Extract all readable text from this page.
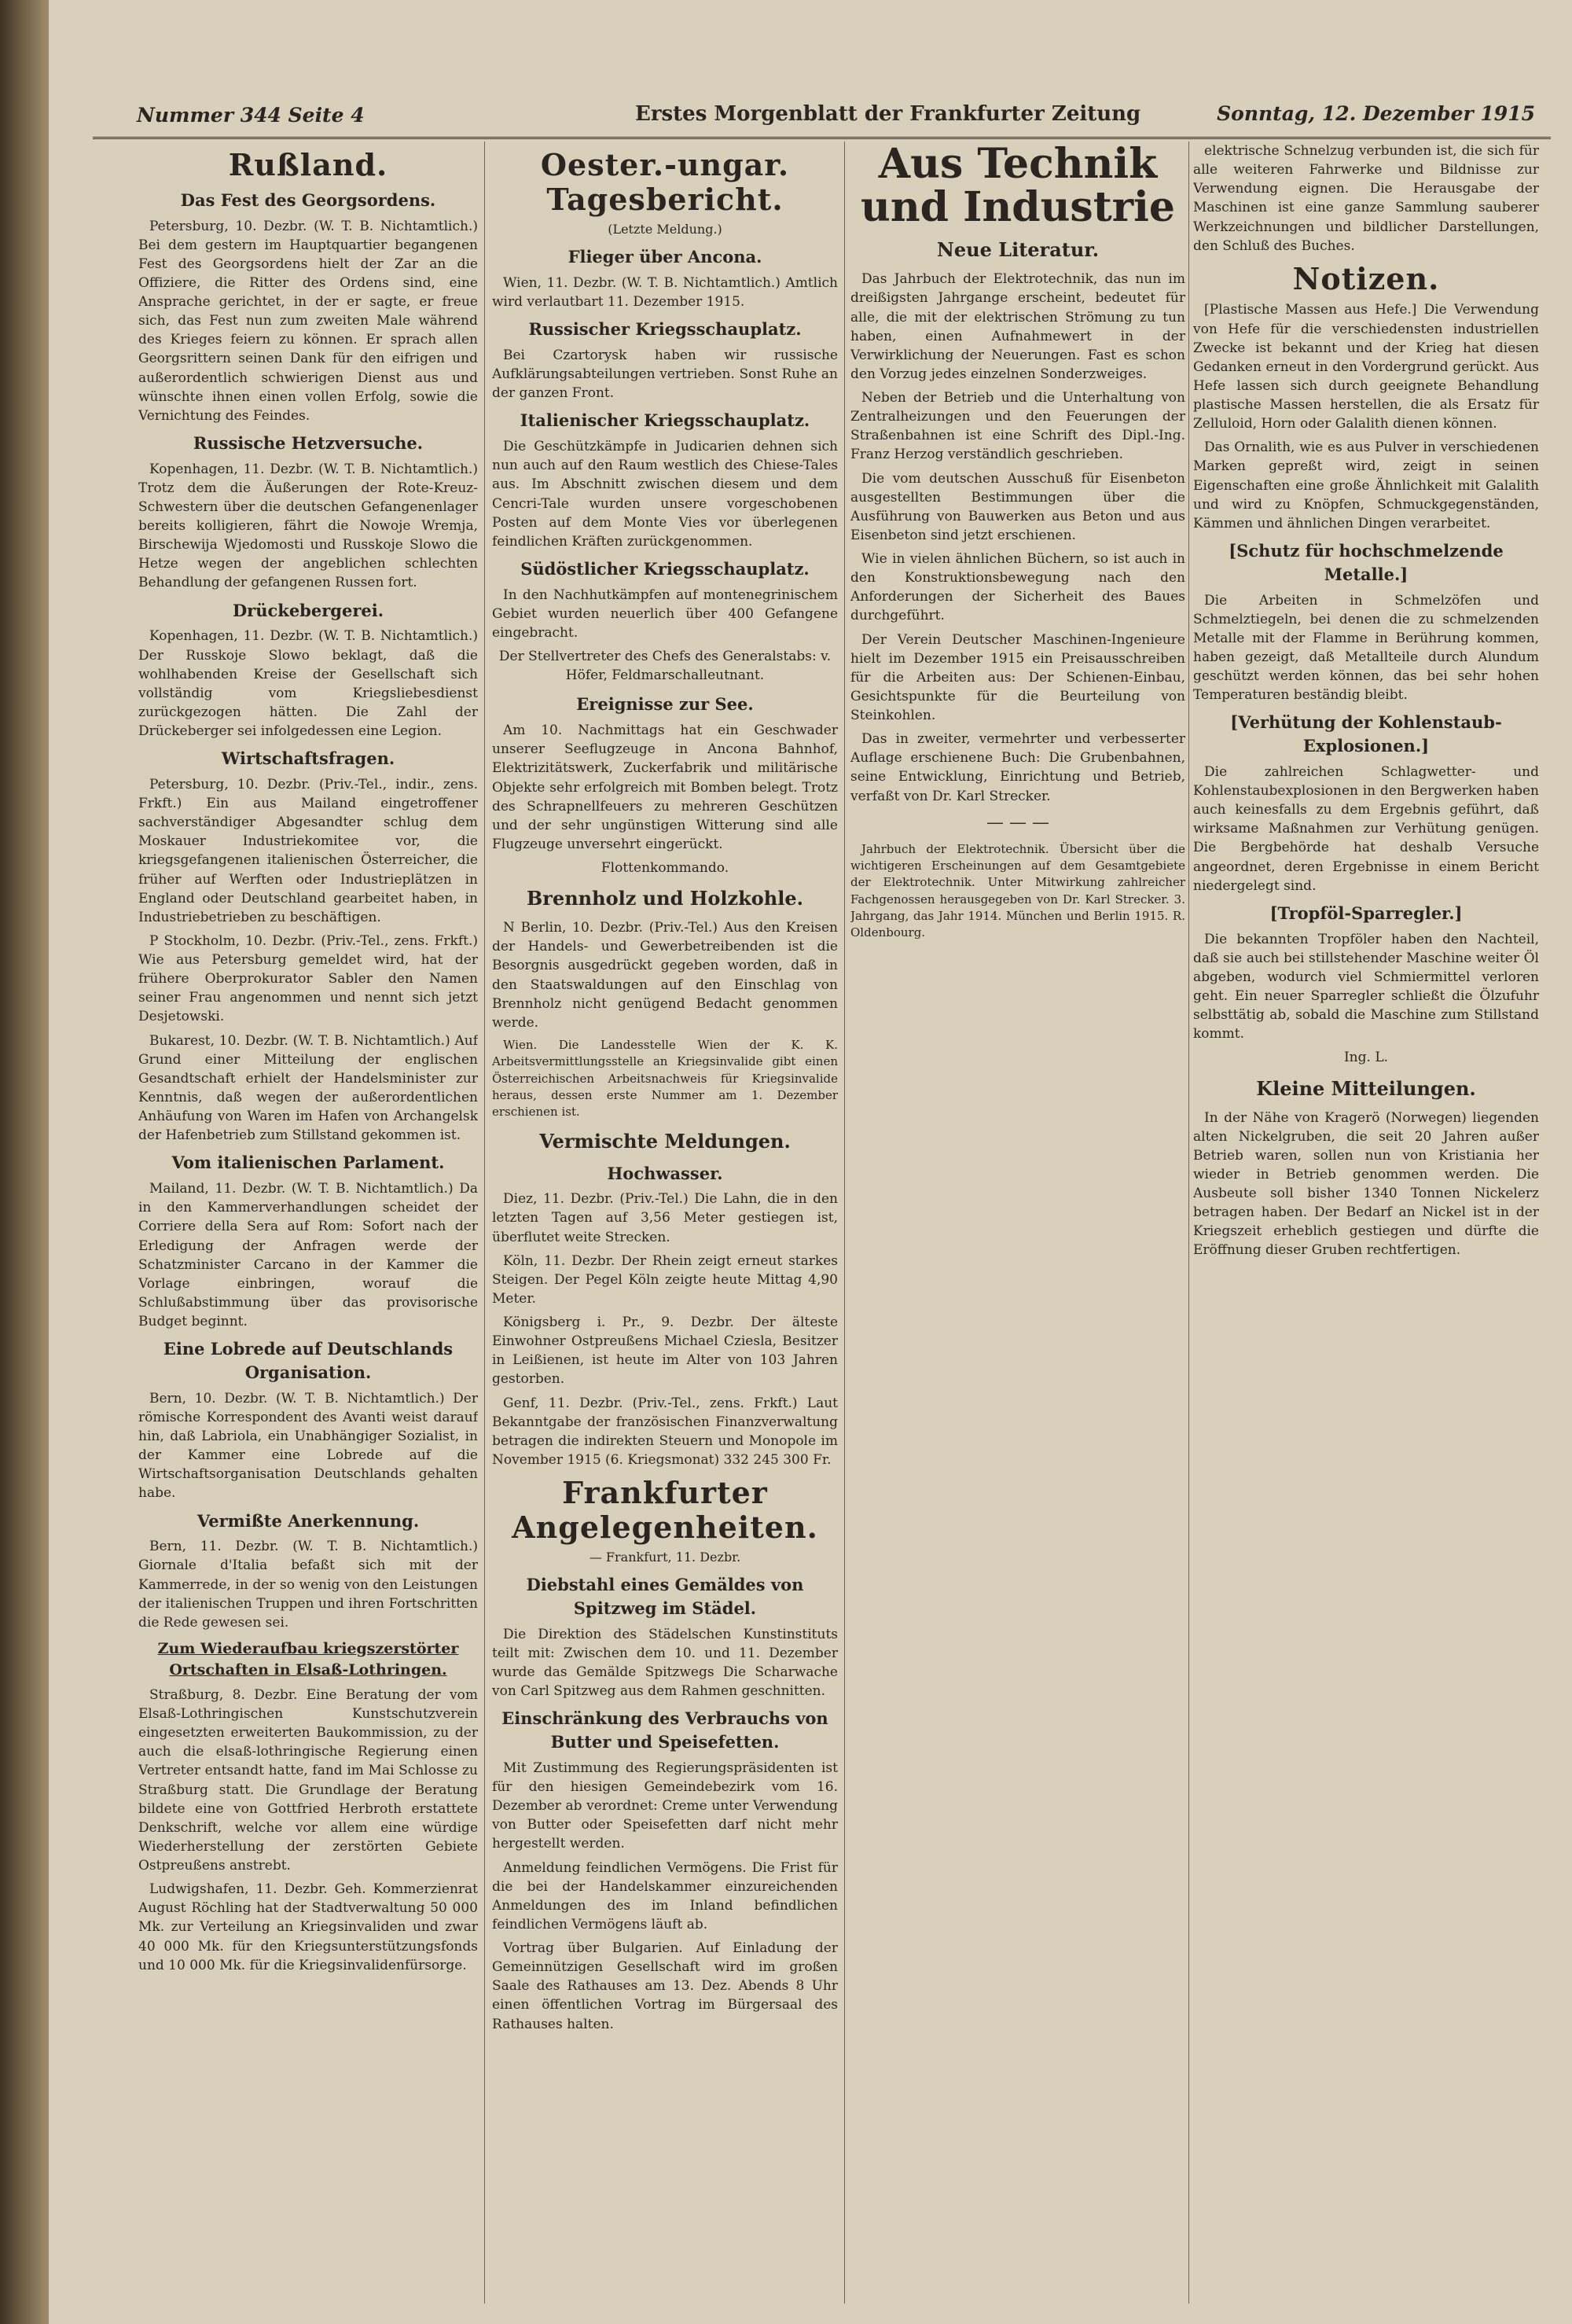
Nummer 344 Seite 4	Erstes Morgenblatt der Frankfurter Zeitung	Sonntag, 12. Dezember 1915
Rußland.
Das Fest des Georgsordens.

Petersburg, 10. Dezbr. (W. T. B. Nichtamtlich.) Bei dem gestern im Hauptquartier begangenen Fest des Georgsordens hielt der Zar an die Offiziere, die Ritter des Ordens sind, eine Ansprache gerichtet, in der er sagte, er freue sich, das Fest nun zum zweiten Male während des Krieges feiern zu können. Er sprach allen Georgsrittern seinen Dank für den eifrigen und außerordentlich schwierigen Dienst aus und wünschte ihnen einen vollen Erfolg, sowie die Vernichtung des Feindes.

Russische Hetzversuche.

Kopenhagen, 11. Dezbr. (W. T. B. Nichtamtlich.) Trotz dem die Äußerungen der Rote-Kreuz-Schwestern über die deutschen Gefangenenlager bereits kolligieren, fährt die Nowoje Wremja, Birschewija Wjedomosti und Russkoje Slowo die Hetze wegen der angeblichen schlechten Behandlung der gefangenen Russen fort.

Drückebergerei.

Kopenhagen, 11. Dezbr. (W. T. B. Nichtamtlich.) Der Russkoje Slowo beklagt, daß die wohlhabenden Kreise der Gesellschaft sich vollständig vom Kriegsliebesdienst zurückgezogen hätten. Die Zahl der Drückeberger sei infolgedessen eine Legion.

Wirtschaftsfragen.

Petersburg, 10. Dezbr. (Priv.-Tel., indir., zens. Frkft.) Ein aus Mailand eingetroffener sachverständiger Abgesandter schlug dem Moskauer Industriekomitee vor, die kriegsgefangenen italienischen Österreicher, die früher auf Werften oder Industrieplätzen in England oder Deutschland gearbeitet haben, in Industriebetrieben zu beschäftigen.

P Stockholm, 10. Dezbr. (Priv.-Tel., zens. Frkft.) Wie aus Petersburg gemeldet wird, hat der frühere Oberprokurator Sabler den Namen seiner Frau angenommen und nennt sich jetzt Desjetowski.

Bukarest, 10. Dezbr. (W. T. B. Nichtamtlich.) Auf Grund einer Mitteilung der englischen Gesandtschaft erhielt der Handelsminister zur Kenntnis, daß wegen der außerordentlichen Anhäufung von Waren im Hafen von Archangelsk der Hafenbetrieb zum Stillstand gekommen ist.

Vom italienischen Parlament.

Mailand, 11. Dezbr. (W. T. B. Nichtamtlich.) Da in den Kammerverhandlungen scheidet der Corriere della Sera auf Rom: Sofort nach der Erledigung der Anfragen werde der Schatzminister Carcano in der Kammer die Vorlage einbringen, worauf die Schlußabstimmung über das provisorische Budget beginnt.

Eine Lobrede auf Deutschlands Organisation.

Bern, 10. Dezbr. (W. T. B. Nichtamtlich.) Der römische Korrespondent des Avanti weist darauf hin, daß Labriola, ein Unabhängiger Sozialist, in der Kammer eine Lobrede auf die Wirtschaftsorganisation Deutschlands gehalten habe.

Vermißte Anerkennung.

Bern, 11. Dezbr. (W. T. B. Nichtamtlich.) Giornale d'Italia befaßt sich mit der Kammerrede, in der so wenig von den Leistungen der italienischen Truppen und ihren Fortschritten die Rede gewesen sei.

Zum Wiederaufbau kriegszerstörter Ortschaften in Elsaß-Lothringen.

Straßburg, 8. Dezbr. Eine Beratung der vom Elsaß-Lothringischen Kunstschutzverein eingesetzten erweiterten Baukommission, zu der auch die elsaß-lothringische Regierung einen Vertreter entsandt hatte, fand im Mai Schlosse zu Straßburg statt. Die Grundlage der Beratung bildete eine von Gottfried Herbroth erstattete Denkschrift, welche vor allem eine würdige Wiederherstellung der zerstörten Gebiete Ostpreußens anstrebt.

Ludwigshafen, 11. Dezbr. Geh. Kommerzienrat August Röchling hat der Stadtverwaltung 50 000 Mk. zur Verteilung an Kriegsinvaliden und zwar 40 000 Mk. für den Kriegsunterstützungsfonds und 10 000 Mk. für die Kriegsinvalidenfürsorge.

Oester.-ungar. Tagesbericht.
(Letzte Meldung.)
Flieger über Ancona.

Wien, 11. Dezbr. (W. T. B. Nichtamtlich.) Amtlich wird verlautbart 11. Dezember 1915.

Russischer Kriegsschauplatz.

Bei Czartorysk haben wir russische Aufklärungsabteilungen vertrieben. Sonst Ruhe an der ganzen Front.

Italienischer Kriegsschauplatz.

Die Geschützkämpfe in Judicarien dehnen sich nun auch auf den Raum westlich des Chiese-Tales aus. Im Abschnitt zwischen diesem und dem Cencri-Tale wurden unsere vorgeschobenen Posten auf dem Monte Vies vor überlegenen feindlichen Kräften zurückgenommen.

Südöstlicher Kriegsschauplatz.

In den Nachhutkämpfen auf montenegrinischem Gebiet wurden neuerlich über 400 Gefangene eingebracht.

Der Stellvertreter des Chefs des Generalstabs: v. Höfer, Feldmarschalleutnant.
Ereignisse zur See.

Am 10. Nachmittags hat ein Geschwader unserer Seeflugzeuge in Ancona Bahnhof, Elektrizitätswerk, Zuckerfabrik und militärische Objekte sehr erfolgreich mit Bomben belegt. Trotz des Schrapnellfeuers zu mehreren Geschützen und der sehr ungünstigen Witterung sind alle Flugzeuge unversehrt eingerückt.

Flottenkommando.
Brennholz und Holzkohle.

N Berlin, 10. Dezbr. (Priv.-Tel.) Aus den Kreisen der Handels- und Gewerbetreibenden ist die Besorgnis ausgedrückt gegeben worden, daß in den Staatswaldungen auf den Einschlag von Brennholz nicht genügend Bedacht genommen werde.

Wien. Die Landesstelle Wien der K. K. Arbeitsvermittlungsstelle an Kriegsinvalide gibt einen Österreichischen Arbeitsnachweis für Kriegsinvalide heraus, dessen erste Nummer am 1. Dezember erschienen ist.

Vermischte Meldungen.
Hochwasser.

Diez, 11. Dezbr. (Priv.-Tel.) Die Lahn, die in den letzten Tagen auf 3,56 Meter gestiegen ist, überflutet weite Strecken.

Köln, 11. Dezbr. Der Rhein zeigt erneut starkes Steigen. Der Pegel Köln zeigte heute Mittag 4,90 Meter.

Königsberg i. Pr., 9. Dezbr. Der älteste Einwohner Ostpreußens Michael Cziesla, Besitzer in Leißienen, ist heute im Alter von 103 Jahren gestorben.

Genf, 11. Dezbr. (Priv.-Tel., zens. Frkft.) Laut Bekanntgabe der französischen Finanzverwaltung betragen die indirekten Steuern und Monopole im November 1915 (6. Kriegsmonat) 332 245 300 Fr.

Frankfurter Angelegenheiten.
— Frankfurt, 11. Dezbr.
Diebstahl eines Gemäldes von Spitzweg im Städel.

Die Direktion des Städelschen Kunstinstituts teilt mit: Zwischen dem 10. und 11. Dezember wurde das Gemälde Spitzwegs Die Scharwache von Carl Spitzweg aus dem Rahmen geschnitten.

Einschränkung des Verbrauchs von Butter und Speisefetten.

Mit Zustimmung des Regierungspräsidenten ist für den hiesigen Gemeindebezirk vom 16. Dezember ab verordnet: Creme unter Verwendung von Butter oder Speisefetten darf nicht mehr hergestellt werden.

Anmeldung feindlichen Vermögens. Die Frist für die bei der Handelskammer einzureichenden Anmeldungen des im Inland befindlichen feindlichen Vermögens läuft ab.

Vortrag über Bulgarien. Auf Einladung der Gemeinnützigen Gesellschaft wird im großen Saale des Rathauses am 13. Dez. Abends 8 Uhr einen öffentlichen Vortrag im Bürgersaal des Rathauses halten.

Aus Technik und Industrie
Neue Literatur.

Das Jahrbuch der Elektrotechnik, das nun im dreißigsten Jahrgange erscheint, bedeutet für alle, die mit der elektrischen Strömung zu tun haben, einen Aufnahmewert in der Verwirklichung der Neuerungen. Fast es schon den Vorzug jedes einzelnen Sonderzweiges.

Neben der Betrieb und die Unterhaltung von Zentralheizungen und den Feuerungen der Straßenbahnen ist eine Schrift des Dipl.-Ing. Franz Herzog verständlich geschrieben.

Die vom deutschen Ausschuß für Eisenbeton ausgestellten Bestimmungen über die Ausführung von Bauwerken aus Beton und aus Eisenbeton sind jetzt erschienen.

Wie in vielen ähnlichen Büchern, so ist auch in den Konstruktionsbewegung nach den Anforderungen der Sicherheit des Baues durchgeführt.

Der Verein Deutscher Maschinen-Ingenieure hielt im Dezember 1915 ein Preisausschreiben für die Arbeiten aus: Der Schienen-Einbau, Gesichtspunkte für die Beurteilung von Steinkohlen.

Das in zweiter, vermehrter und verbesserter Auflage erschienene Buch: Die Grubenbahnen, seine Entwicklung, Einrichtung und Betrieb, verfaßt von Dr. Karl Strecker.

— — —

Jahrbuch der Elektrotechnik. Übersicht über die wichtigeren Erscheinungen auf dem Gesamtgebiete der Elektrotechnik. Unter Mitwirkung zahlreicher Fachgenossen herausgegeben von Dr. Karl Strecker. 3. Jahrgang, das Jahr 1914. München und Berlin 1915. R. Oldenbourg.

elektrische Schnelzug verbunden ist, die sich für alle weiteren Fahrwerke und Bildnisse zur Verwendung eignen. Die Herausgabe der Maschinen ist eine ganze Sammlung sauberer Werkzeichnungen und bildlicher Darstellungen, den Schluß des Buches.

Notizen.

[Plastische Massen aus Hefe.] Die Verwendung von Hefe für die verschiedensten industriellen Zwecke ist bekannt und der Krieg hat diesen Gedanken erneut in den Vordergrund gerückt. Aus Hefe lassen sich durch geeignete Behandlung plastische Massen herstellen, die als Ersatz für Zelluloid, Horn oder Galalith dienen können.

Das Ornalith, wie es aus Pulver in verschiedenen Marken gepreßt wird, zeigt in seinen Eigenschaften eine große Ähnlichkeit mit Galalith und wird zu Knöpfen, Schmuckgegenständen, Kämmen und ähnlichen Dingen verarbeitet.

[Schutz für hochschmelzende Metalle.]

Die Arbeiten in Schmelzöfen und Schmelztiegeln, bei denen die zu schmelzenden Metalle mit der Flamme in Berührung kommen, haben gezeigt, daß Metallteile durch Alundum geschützt werden können, das bei sehr hohen Temperaturen beständig bleibt.

[Verhütung der Kohlenstaub-Explosionen.]

Die zahlreichen Schlagwetter- und Kohlenstaubexplosionen in den Bergwerken haben auch keinesfalls zu dem Ergebnis geführt, daß wirksame Maßnahmen zur Verhütung genügen. Die Bergbehörde hat deshalb Versuche angeordnet, deren Ergebnisse in einem Bericht niedergelegt sind.

[Tropföl-Sparregler.]

Die bekannten Tropföler haben den Nachteil, daß sie auch bei stillstehender Maschine weiter Öl abgeben, wodurch viel Schmiermittel verloren geht. Ein neuer Sparregler schließt die Ölzufuhr selbsttätig ab, sobald die Maschine zum Stillstand kommt.

Ing. L.
Kleine Mitteilungen.

In der Nähe von Kragerö (Norwegen) liegenden alten Nickelgruben, die seit 20 Jahren außer Betrieb waren, sollen nun von Kristiania her wieder in Betrieb genommen werden. Die Ausbeute soll bisher 1340 Tonnen Nickelerz betragen haben. Der Bedarf an Nickel ist in der Kriegszeit erheblich gestiegen und dürfte die Eröffnung dieser Gruben rechtfertigen.
